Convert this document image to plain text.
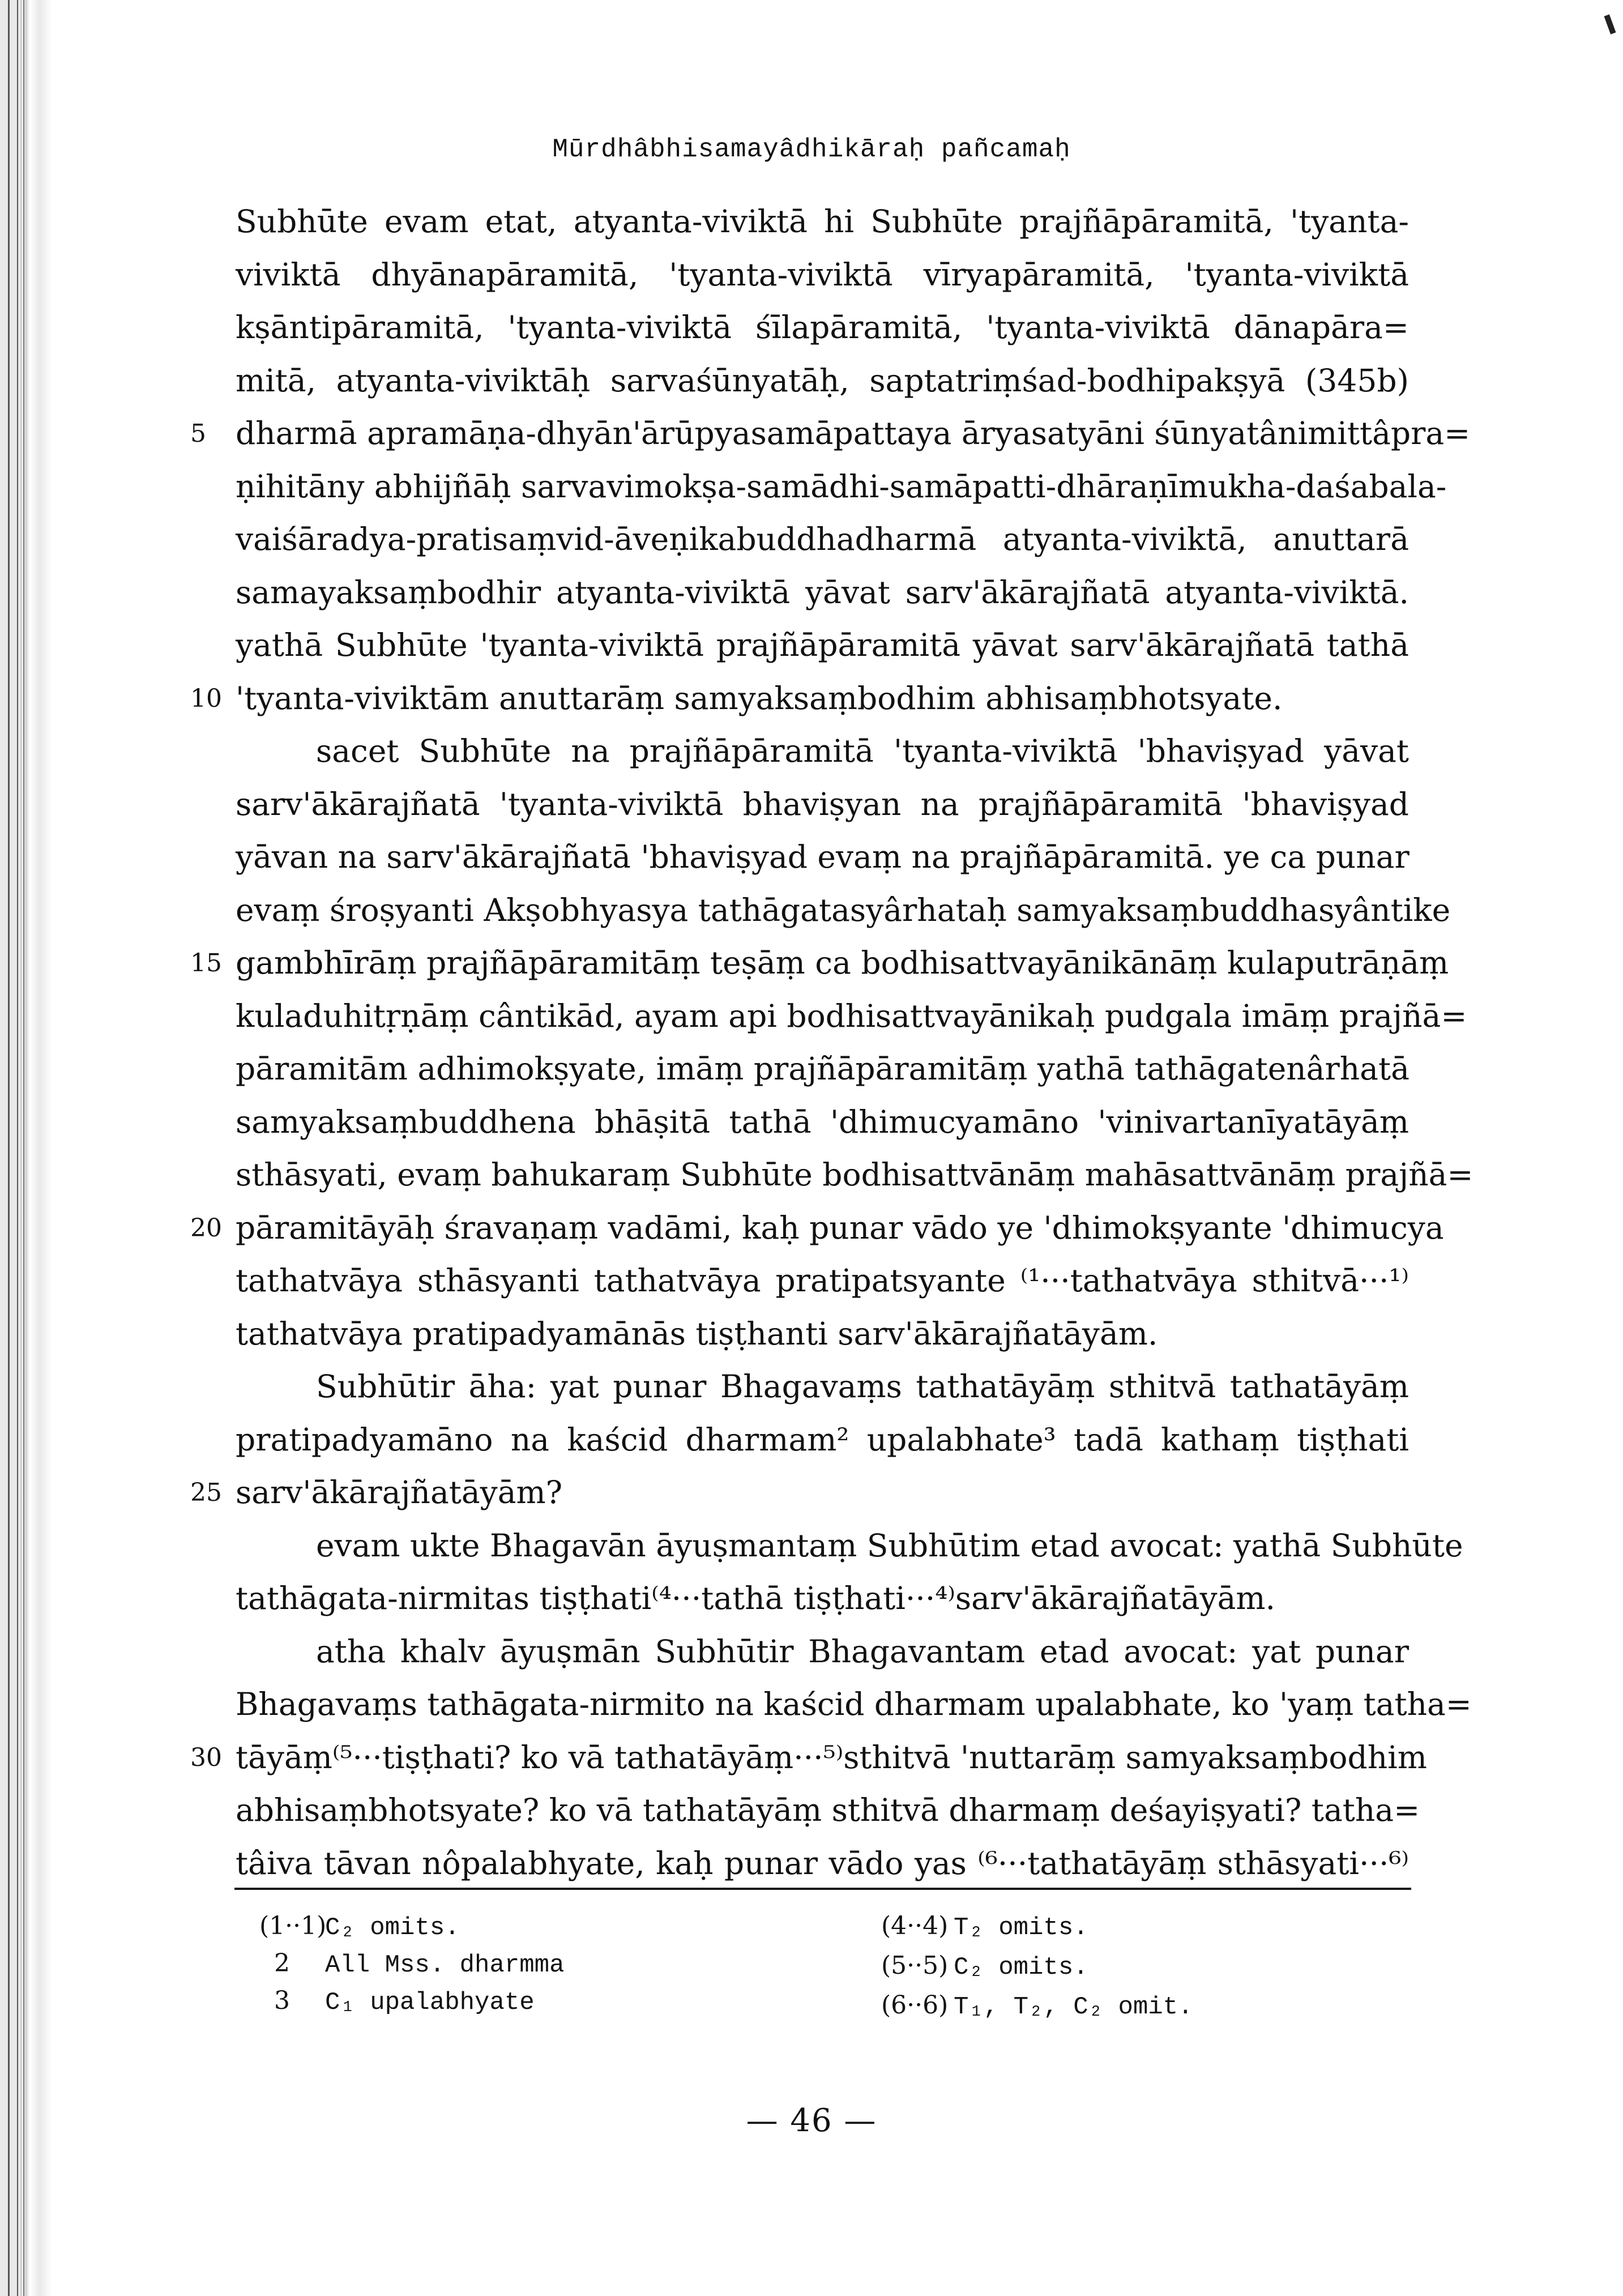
Mūrdhâbhisamayâdhikāraḥ pañcamaḥ
Subhūte evam etat, atyanta-viviktā hi Subhūte prajñāpāramitā, 'tyanta-
viviktā dhyānapāramitā, 'tyanta-viviktā vīryapāramitā, 'tyanta-viviktā
kṣāntipāramitā, 'tyanta-viviktā śīlapāramitā, 'tyanta-viviktā dānapāra=
mitā, atyanta-viviktāḥ sarvaśūnyatāḥ, saptatriṃśad-bodhipakṣyā (345b)
5 dharmā apramāṇa-dhyān'ārūpyasamāpattaya āryasatyāni śūnyatânimittâpra=
ṇihitāny abhijñāḥ sarvavimokṣa-samādhi-samāpatti-dhāraṇīmukha-daśabala-
vaiśāradya-pratisaṃvid-āveṇikabuddhadharmā atyanta-viviktā, anuttarā
samayaksaṃbodhir atyanta-viviktā yāvat sarv'ākārajñatā atyanta-viviktā.
yathā Subhūte 'tyanta-viviktā prajñāpāramitā yāvat sarv'ākārajñatā tathā
10 'tyanta-viviktām anuttarāṃ samyaksaṃbodhim abhisaṃbhotsyate.
sacet Subhūte na prajñāpāramitā 'tyanta-viviktā 'bhaviṣyad yāvat
sarv'ākārajñatā 'tyanta-viviktā bhaviṣyan na prajñāpāramitā 'bhaviṣyad
yāvan na sarv'ākārajñatā 'bhaviṣyad evaṃ na prajñāpāramitā. ye ca punar
evaṃ śroṣyanti Akṣobhyasya tathāgatasyârhataḥ samyaksaṃbuddhasyântike
15 gambhīrāṃ prajñāpāramitāṃ teṣāṃ ca bodhisattvayānikānāṃ kulaputrāṇāṃ
kuladuhitṛṇāṃ cântikād, ayam api bodhisattvayānikaḥ pudgala imāṃ prajñā=
pāramitām adhimokṣyate, imāṃ prajñāpāramitāṃ yathā tathāgatenârhatā
samyaksaṃbuddhena bhāṣitā tathā 'dhimucyamāno 'vinivartanīyatāyāṃ
sthāsyati, evaṃ bahukaraṃ Subhūte bodhisattvānāṃ mahāsattvānāṃ prajñā=
20 pāramitāyāḥ śravaṇaṃ vadāmi, kaḥ punar vādo ye 'dhimokṣyante 'dhimucya
tathatvāya sthāsyanti tathatvāya pratipatsyante ⁽¹···tathatvāya sthitvā···¹⁾
tathatvāya pratipadyamānās tiṣṭhanti sarv'ākārajñatāyām.
Subhūtir āha: yat punar Bhagavaṃs tathatāyāṃ sthitvā tathatāyāṃ
pratipadyamāno na kaścid dharmam² upalabhate³ tadā kathaṃ tiṣṭhati
25 sarv'ākārajñatāyām?
evam ukte Bhagavān āyuṣmantaṃ Subhūtim etad avocat: yathā Subhūte
tathāgata-nirmitas tiṣṭhati⁽⁴···tathā tiṣṭhati···⁴⁾sarv'ākārajñatāyām.
atha khalv āyuṣmān Subhūtir Bhagavantam etad avocat: yat punar
Bhagavaṃs tathāgata-nirmito na kaścid dharmam upalabhate, ko 'yaṃ tatha=
30 tāyāṃ⁽⁵···tiṣṭhati? ko vā tathatāyāṃ···⁵⁾sthitvā 'nuttarāṃ samyaksaṃbodhim
abhisaṃbhotsyate? ko vā tathatāyāṃ sthitvā dharmaṃ deśayiṣyati? tatha=
tâiva tāvan nôpalabhyate, kaḥ punar vādo yas ⁽⁶···tathatāyāṃ sthāsyati···⁶⁾
(1··1)C₂ omits.
2 All Mss. dharmma
3 C₁ upalabhyate
(4··4) T₂ omits.
(5··5) C₂ omits.
(6··6) T₁, T₂, C₂ omit.
— 46 —
